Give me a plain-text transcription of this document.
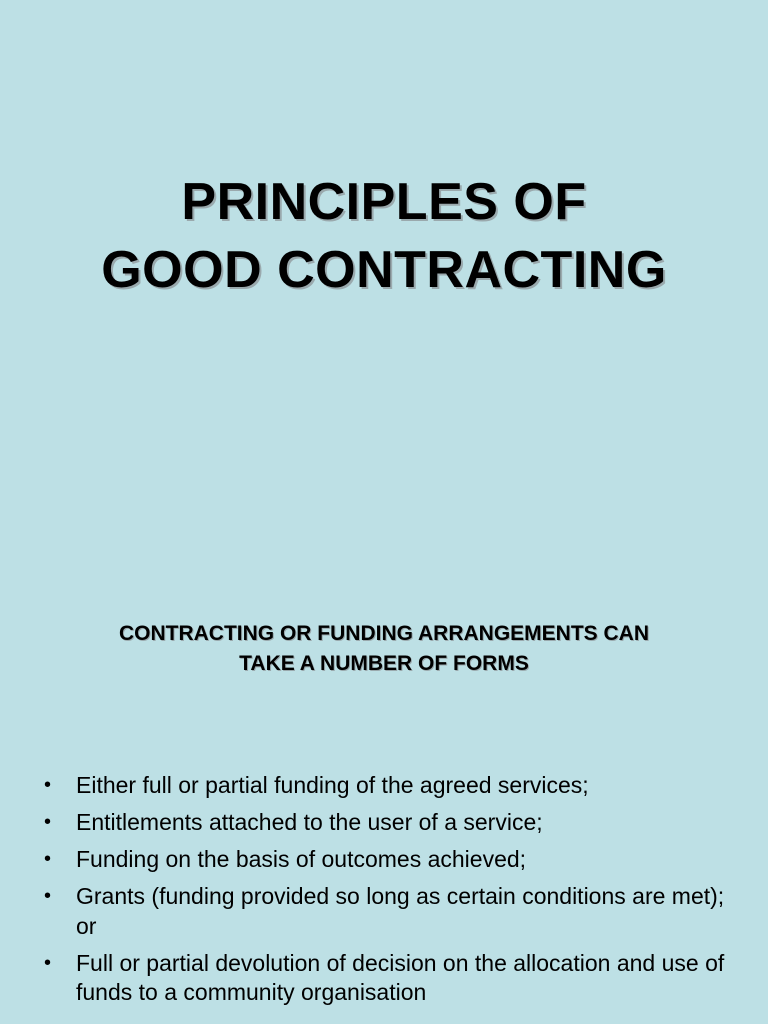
PRINCIPLES OF
GOOD CONTRACTING
CONTRACTING OR FUNDING ARRANGEMENTS CAN
TAKE A NUMBER OF FORMS
• Either full or partial funding of the agreed services;
• Entitlements attached to the user of a service;
• Funding on the basis of outcomes achieved;
• Grants (funding provided so long as certain conditions are met); or
• Full or partial devolution of decision on the allocation and use of funds to a community organisation
